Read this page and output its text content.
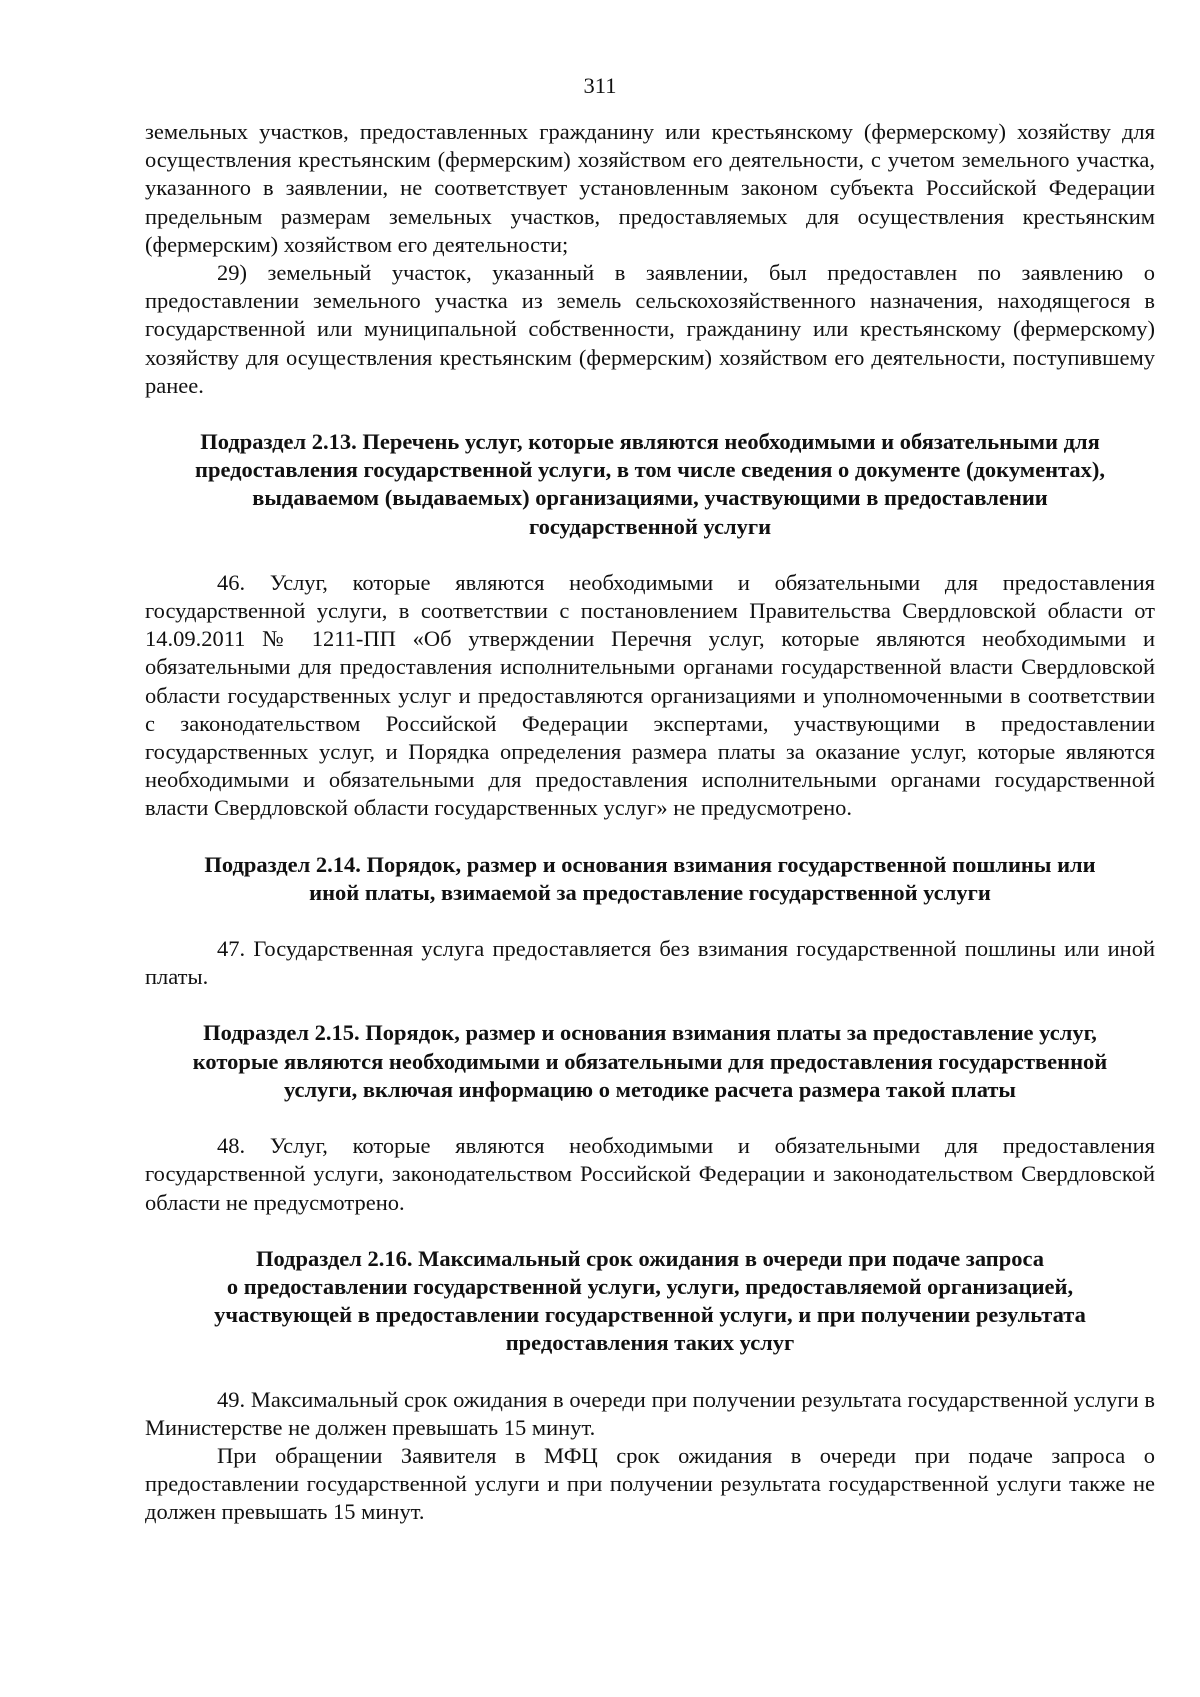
311

земельных участков, предоставленных гражданину или крестьянскому (фермерскому) хозяйству для осуществления крестьянским (фермерским) хозяйством его деятельности, с учетом земельного участка, указанного в заявлении, не соответствует установленным законом субъекта Российской Федерации предельным размерам земельных участков, предоставляемых для осуществления крестьянским (фермерским) хозяйством его деятельности;

29) земельный участок, указанный в заявлении, был предоставлен по заявлению о предоставлении земельного участка из земель сельскохозяйственного назначения, находящегося в государственной или муниципальной собственности, гражданину или крестьянскому (фермерскому) хозяйству для осуществления крестьянским (фермерским) хозяйством его деятельности, поступившему ранее.

Подраздел 2.13. Перечень услуг, которые являются необходимыми и обязательными для
предоставления государственной услуги, в том числе сведения о документе (документах),
выдаваемом (выдаваемых) организациями, участвующими в предоставлении
государственной услуги

46. Услуг, которые являются необходимыми и обязательными для предоставления государственной услуги, в соответствии с постановлением Правительства Свердловской области от 14.09.2011 № 1211-ПП «Об утверждении Перечня услуг, которые являются необходимыми и обязательными для предоставления исполнительными органами государственной власти Свердловской области государственных услуг и предоставляются организациями и уполномоченными в соответствии с законодательством Российской Федерации экспертами, участвующими в предоставлении государственных услуг, и Порядка определения размера платы за оказание услуг, которые являются необходимыми и обязательными для предоставления исполнительными органами государственной власти Свердловской области государственных услуг» не предусмотрено.

Подраздел 2.14. Порядок, размер и основания взимания государственной пошлины или
иной платы, взимаемой за предоставление государственной услуги

47. Государственная услуга предоставляется без взимания государственной пошлины или иной платы.

Подраздел 2.15. Порядок, размер и основания взимания платы за предоставление услуг,
которые являются необходимыми и обязательными для предоставления государственной
услуги, включая информацию о методике расчета размера такой платы

48. Услуг, которые являются необходимыми и обязательными для предоставления государственной услуги, законодательством Российской Федерации и законодательством Свердловской области не предусмотрено.

Подраздел 2.16. Максимальный срок ожидания в очереди при подаче запроса
о предоставлении государственной услуги, услуги, предоставляемой организацией,
участвующей в предоставлении государственной услуги, и при получении результата
предоставления таких услуг

49. Максимальный срок ожидания в очереди при получении результата государственной услуги в Министерстве не должен превышать 15 минут.

При обращении Заявителя в МФЦ срок ожидания в очереди при подаче запроса о предоставлении государственной услуги и при получении результата государственной услуги также не должен превышать 15 минут.
